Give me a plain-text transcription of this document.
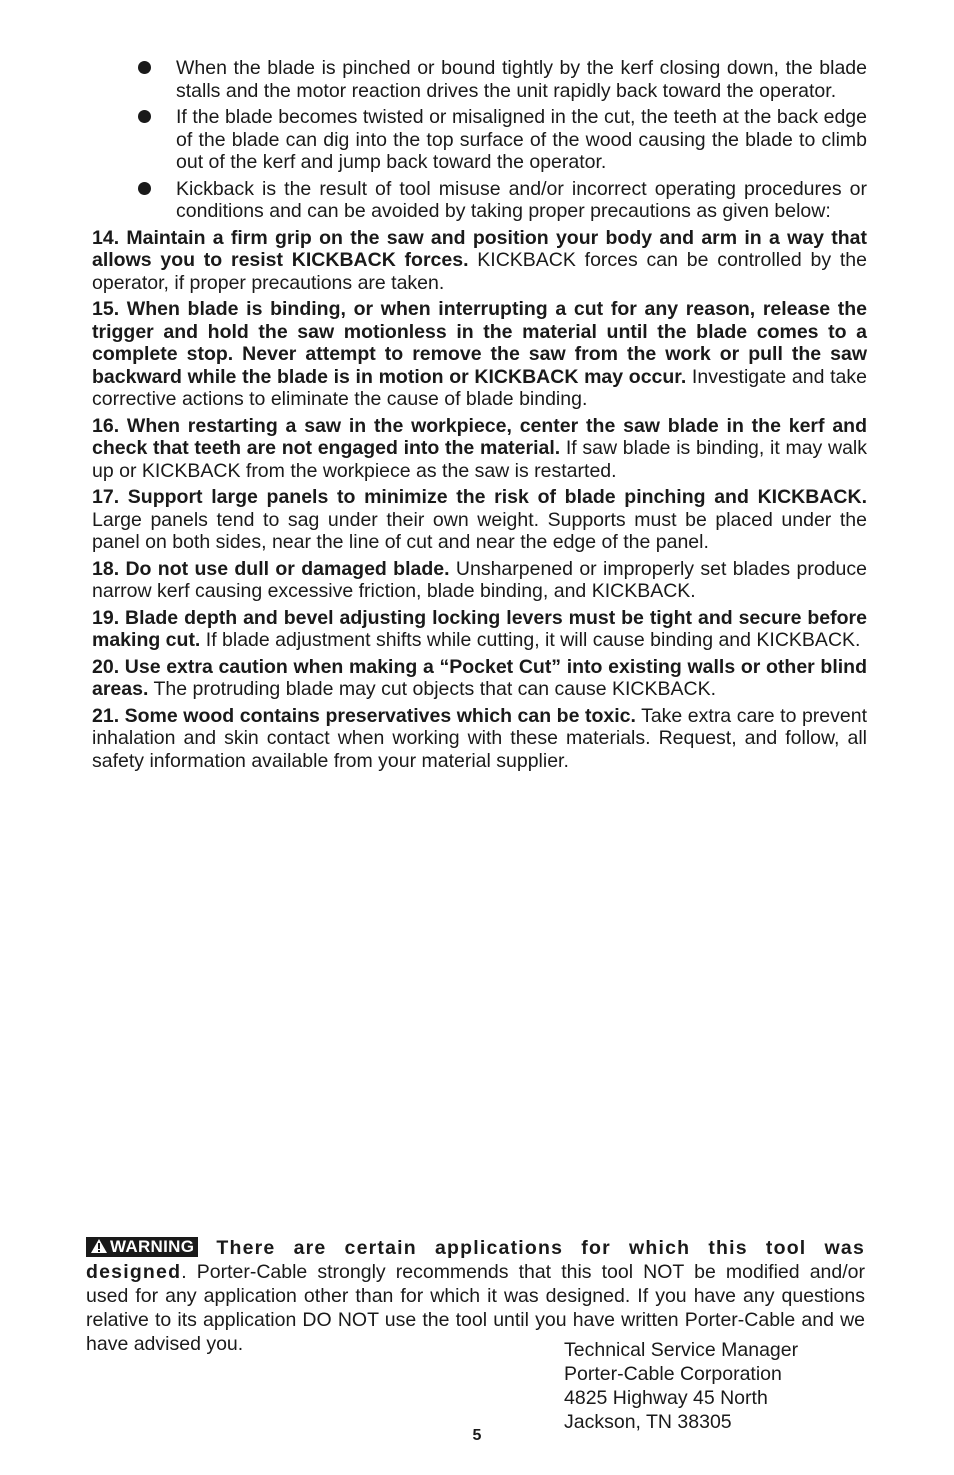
When the blade is pinched or bound tightly by the kerf closing down, the blade stalls and the motor reaction drives the unit rapidly back toward the operator.
If the blade becomes twisted or misaligned in the cut, the teeth at the back edge of the blade can dig into the top surface of the wood causing the blade to climb out of the kerf and jump back toward the operator.
Kickback is the result of tool misuse and/or incorrect operating procedures or conditions and can be avoided by taking proper precautions as given below:

14. Maintain a firm grip on the saw and position your body and arm in a way that allows you to resist KICKBACK forces. KICKBACK forces can be controlled by the operator, if proper precautions are taken.

15. When blade is binding, or when interrupting a cut for any reason, release the trigger and hold the saw motionless in the material until the blade comes to a complete stop. Never attempt to remove the saw from the work or pull the saw backward while the blade is in motion or KICKBACK may occur. Investigate and take corrective actions to eliminate the cause of blade binding.

16. When restarting a saw in the workpiece, center the saw blade in the kerf and check that teeth are not engaged into the material. If saw blade is binding, it may walk up or KICKBACK from the workpiece as the saw is restarted.

17. Support large panels to minimize the risk of blade pinching and KICKBACK. Large panels tend to sag under their own weight. Supports must be placed under the panel on both sides, near the line of cut and near the edge of the panel.

18. Do not use dull or damaged blade. Unsharpened or improperly set blades produce narrow kerf causing excessive friction, blade binding, and KICKBACK.

19. Blade depth and bevel adjusting locking levers must be tight and secure before making cut. If blade adjustment shifts while cutting, it will cause binding and KICKBACK.

20. Use extra caution when making a “Pocket Cut” into existing walls or other blind areas. The protruding blade may cut objects that can cause KICKBACK.

21. Some wood contains preservatives which can be toxic. Take extra care to prevent inhalation and skin contact when working with these materials. Request, and follow, all safety information available from your material supplier.

WARNING There are certain applications for which this tool was designed. Porter-Cable strongly recommends that this tool NOT be modified and/or used for any application other than for which it was designed. If you have any questions relative to its application DO NOT use the tool until you have written Porter-Cable and we have advised you.	Technical Service Manager
Porter-Cable Corporation
4825 Highway 45 North
Jackson, TN 38305
5
